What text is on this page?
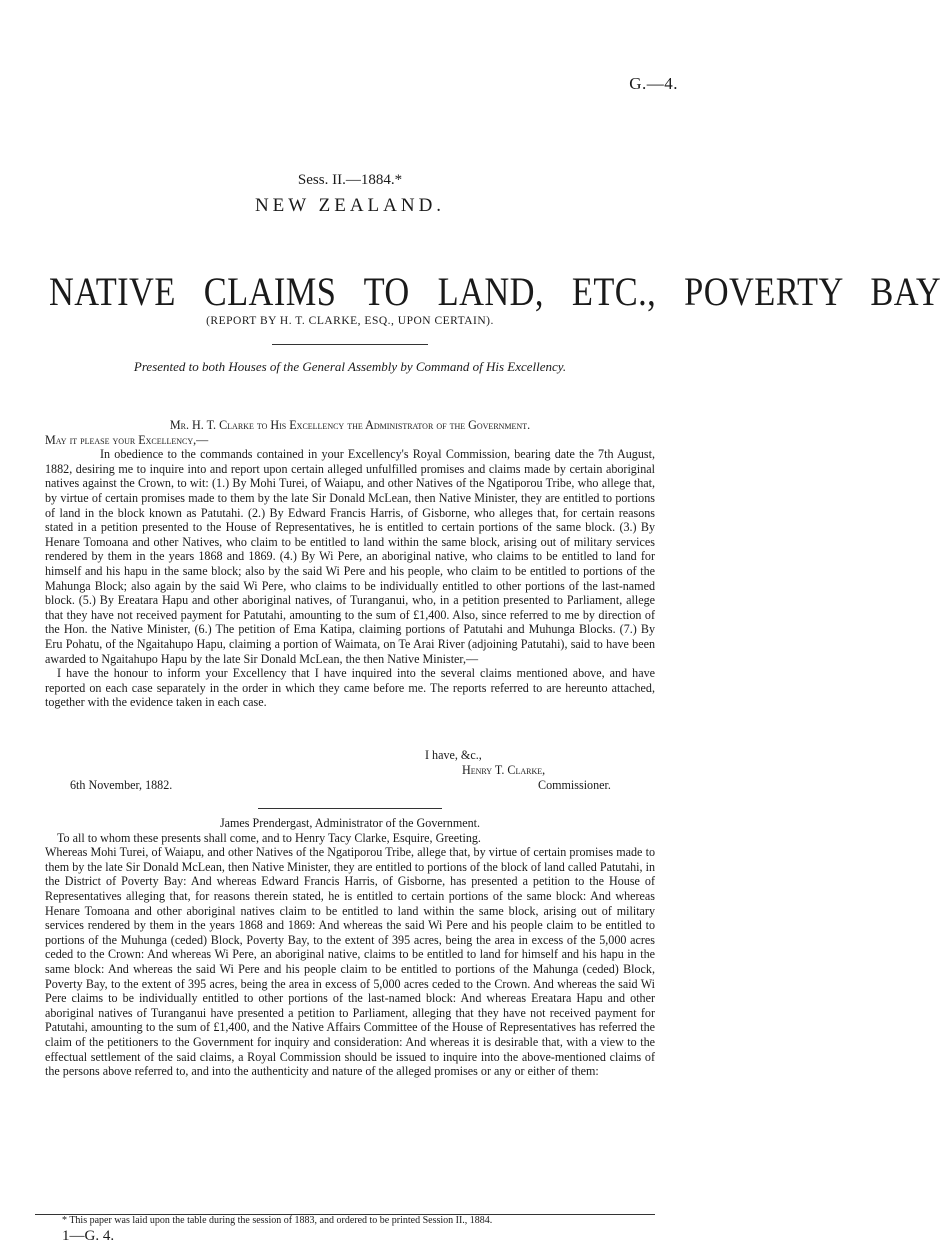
G.—4.
Sess. II.—1884.*
NEW ZEALAND.
NATIVE CLAIMS TO LAND, ETC., POVERTY BAY
(REPORT BY H. T. CLARKE, ESQ., UPON CERTAIN).
Presented to both Houses of the General Assembly by Command of His Excellency.
Mr. H. T. Clarke to His Excellency the Administrator of the Government.
May it please your Excellency,—
In obedience to the commands contained in your Excellency's Royal Commission, bearing date the 7th August, 1882, desiring me to inquire into and report upon certain alleged unfulfilled promises and claims made by certain aboriginal natives against the Crown, to wit: (1.) By Mohi Turei, of Waiapu, and other Natives of the Ngatiporou Tribe, who allege that, by virtue of certain promises made to them by the late Sir Donald McLean, then Native Minister, they are entitled to portions of land in the block known as Patutahi. (2.) By Edward Francis Harris, of Gisborne, who alleges that, for certain reasons stated in a petition presented to the House of Representatives, he is entitled to certain portions of the same block. (3.) By Henare Tomoana and other Natives, who claim to be entitled to land within the same block, arising out of military services rendered by them in the years 1868 and 1869. (4.) By Wi Pere, an aboriginal native, who claims to be entitled to land for himself and his hapu in the same block; also by the said Wi Pere and his people, who claim to be entitled to portions of the Mahunga Block; also again by the said Wi Pere, who claims to be individually entitled to other portions of the last-named block. (5.) By Ereatara Hapu and other aboriginal natives, of Turanganui, who, in a petition presented to Parliament, allege that they have not received payment for Patutahi, amounting to the sum of £1,400. Also, since referred to me by direction of the Hon. the Native Minister, (6.) The petition of Ema Katipa, claiming portions of Patutahi and Muhunga Blocks. (7.) By Eru Pohatu, of the Ngaitahupo Hapu, claiming a portion of Waimata, on Te Arai River (adjoining Patutahi), said to have been awarded to Ngaitahupo Hapu by the late Sir Donald McLean, the then Native Minister,—
I have the honour to inform your Excellency that I have inquired into the several claims mentioned above, and have reported on each case separately in the order in which they came before me. The reports referred to are hereunto attached, together with the evidence taken in each case.
I have, &c.,
Henry T. Clarke,
6th November, 1882.	Commissioner.
James Prendergast, Administrator of the Government.
To all to whom these presents shall come, and to Henry Tacy Clarke, Esquire, Greeting.
Whereas Mohi Turei, of Waiapu, and other Natives of the Ngatiporou Tribe, allege that, by virtue of certain promises made to them by the late Sir Donald McLean, then Native Minister, they are entitled to portions of the block of land called Patutahi, in the District of Poverty Bay: And whereas Edward Francis Harris, of Gisborne, has presented a petition to the House of Representatives alleging that, for reasons therein stated, he is entitled to certain portions of the same block: And whereas Henare Tomoana and other aboriginal natives claim to be entitled to land within the same block, arising out of military services rendered by them in the years 1868 and 1869: And whereas the said Wi Pere and his people claim to be entitled to portions of the Muhunga (ceded) Block, Poverty Bay, to the extent of 395 acres, being the area in excess of the 5,000 acres ceded to the Crown: And whereas Wi Pere, an aboriginal native, claims to be entitled to land for himself and his hapu in the same block: And whereas the said Wi Pere and his people claim to be entitled to portions of the Mahunga (ceded) Block, Poverty Bay, to the extent of 395 acres, being the area in excess of 5,000 acres ceded to the Crown. And whereas the said Wi Pere claims to be individually entitled to other portions of the last-named block: And whereas Ereatara Hapu and other aboriginal natives of Turanganui have presented a petition to Parliament, alleging that they have not received payment for Patutahi, amounting to the sum of £1,400, and the Native Affairs Committee of the House of Representatives has referred the claim of the petitioners to the Government for inquiry and consideration: And whereas it is desirable that, with a view to the effectual settlement of the said claims, a Royal Commission should be issued to inquire into the above-mentioned claims of the persons above referred to, and into the authenticity and nature of the alleged promises or any or either of them:
* This paper was laid upon the table during the session of 1883, and ordered to be printed Session II., 1884.
1—G. 4.
